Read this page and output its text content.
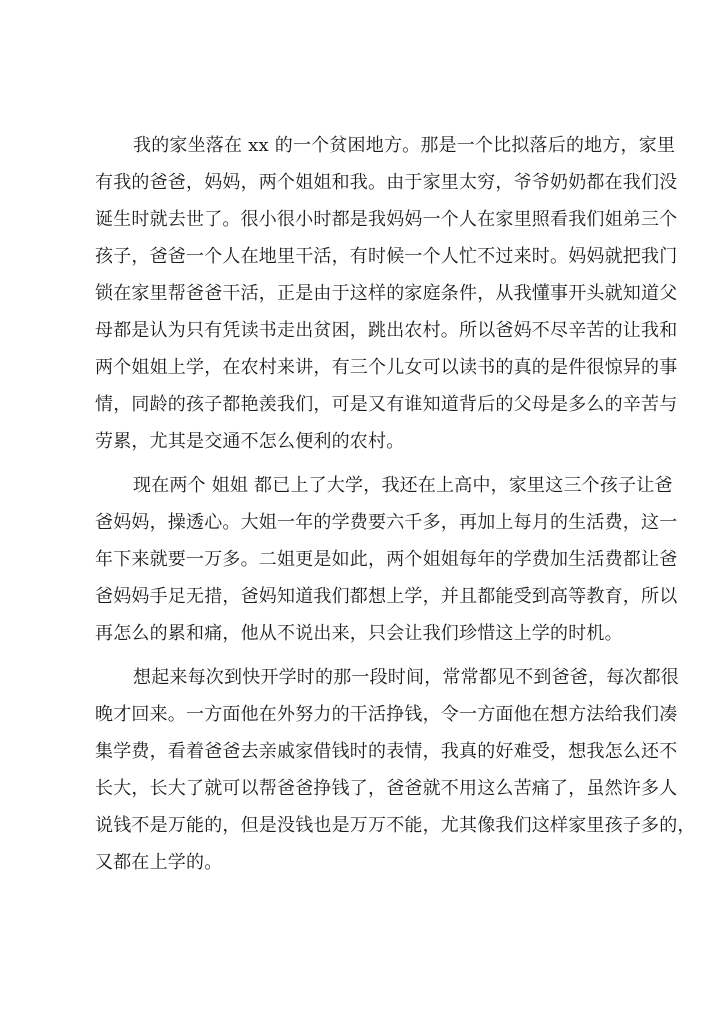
我的家坐落在 xx 的一个贫困地方。那是一个比拟落后的地方，家里
有我的爸爸，妈妈，两个姐姐和我。由于家里太穷，爷爷奶奶都在我们没
诞生时就去世了。很小很小时都是我妈妈一个人在家里照看我们姐弟三个
孩子，爸爸一个人在地里干活，有时候一个人忙不过来时。妈妈就把我门
锁在家里帮爸爸干活，正是由于这样的家庭条件，从我懂事开头就知道父
母都是认为只有凭读书走出贫困，跳出农村。所以爸妈不尽辛苦的让我和
两个姐姐上学，在农村来讲，有三个儿女可以读书的真的是件很惊异的事
情，同龄的孩子都艳羡我们，可是又有谁知道背后的父母是多么的辛苦与
劳累，尤其是交通不怎么便利的农村。
现在两个 姐姐 都已上了大学，我还在上高中，家里这三个孩子让爸
爸妈妈，操透心。大姐一年的学费要六千多，再加上每月的生活费，这一
年下来就要一万多。二姐更是如此，两个姐姐每年的学费加生活费都让爸
爸妈妈手足无措，爸妈知道我们都想上学，并且都能受到高等教育，所以
再怎么的累和痛，他从不说出来，只会让我们珍惜这上学的时机。
想起来每次到快开学时的那一段时间，常常都见不到爸爸，每次都很
晚才回来。一方面他在外努力的干活挣钱，令一方面他在想方法给我们凑
集学费，看着爸爸去亲戚家借钱时的表情，我真的好难受，想我怎么还不
长大，长大了就可以帮爸爸挣钱了，爸爸就不用这么苦痛了，虽然许多人
说钱不是万能的，但是没钱也是万万不能，尤其像我们这样家里孩子多的，
又都在上学的。
